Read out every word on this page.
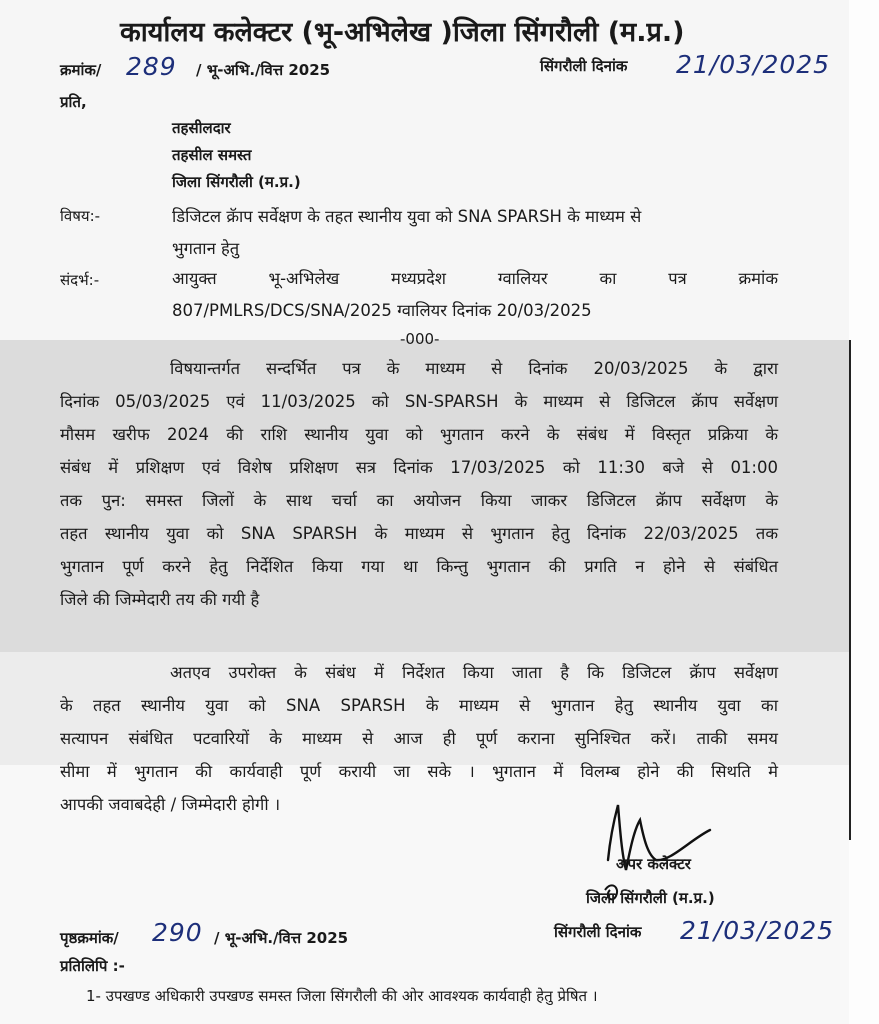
कार्यालय कलेक्टर (भू-अभिलेख )जिला सिंगरौली (म.प्र.)
क्रमांक/ 289 / भू-अभि./वित्त 2025	सिंगरौली दिनांक 21/03/2025
प्रति,
तहसीलदार
तहसील समस्त
जिला सिंगरौली (म.प्र.)
विषय:-	डिजिटल क्रॅाप सर्वेक्षण के तहत स्थानीय युवा को SNA SPARSH के माध्यम से
भुगतान हेतु
संदर्भ:-	आयुक्त भू-अभिलेख मध्यप्रदेश ग्वालियर का पत्र क्रमांक
807/PMLRS/DCS/SNA/2025 ग्वालियर दिनांक 20/03/2025
-000-
विषयान्तर्गत सन्दर्भित पत्र के माध्यम से दिनांक 20/03/2025 के द्वारा
दिनांक 05/03/2025 एवं 11/03/2025 को SN-SPARSH के माध्यम से डिजिटल क्रॅाप सर्वेक्षण
मौसम खरीफ 2024 की राशि स्थानीय युवा को भुगतान करने के संबंध में विस्तृत प्रक्रिया के
संबंध में प्रशिक्षण एवं विशेष प्रशिक्षण सत्र दिनांक 17/03/2025 को 11:30 बजे से 01:00
तक पुन: समस्त जिलों के साथ चर्चा का अयोजन किया जाकर डिजिटल क्रॅाप सर्वेक्षण के
तहत स्थानीय युवा को SNA SPARSH के माध्यम से भुगतान हेतु दिनांक 22/03/2025 तक
भुगतान पूर्ण करने हेतु निर्देशित किया गया था किन्तु भुगतान की प्रगति न होने से संबंधित
जिले की जिम्मेदारी तय की गयी है
अतएव उपरोक्त के संबंध में निर्देशत किया जाता है कि डिजिटल क्रॅाप सर्वेक्षण
के तहत स्थानीय युवा को SNA SPARSH के माध्यम से भुगतान हेतु स्थानीय युवा का
सत्यापन संबंधित पटवारियों के माध्यम से आज ही पूर्ण कराना सुनिश्चित करें। ताकी समय
सीमा में भुगतान की कार्यवाही पूर्ण करायी जा सके । भुगतान में विलम्ब होने की सिथति मे
आपकी जवाबदेही / जिम्मेदारी होगी ।
अपर कलेक्टर
जिला सिंगरौली (म.प्र.)
पृष्ठक्रमांक/ 290 / भू-अभि./वित्त 2025	सिंगरौली दिनांक 21/03/2025
प्रतिलिपि :-
1- उपखण्ड अधिकारी उपखण्ड समस्त जिला सिंगरौली की ओर आवश्यक कार्यवाही हेतु प्रेषित ।
